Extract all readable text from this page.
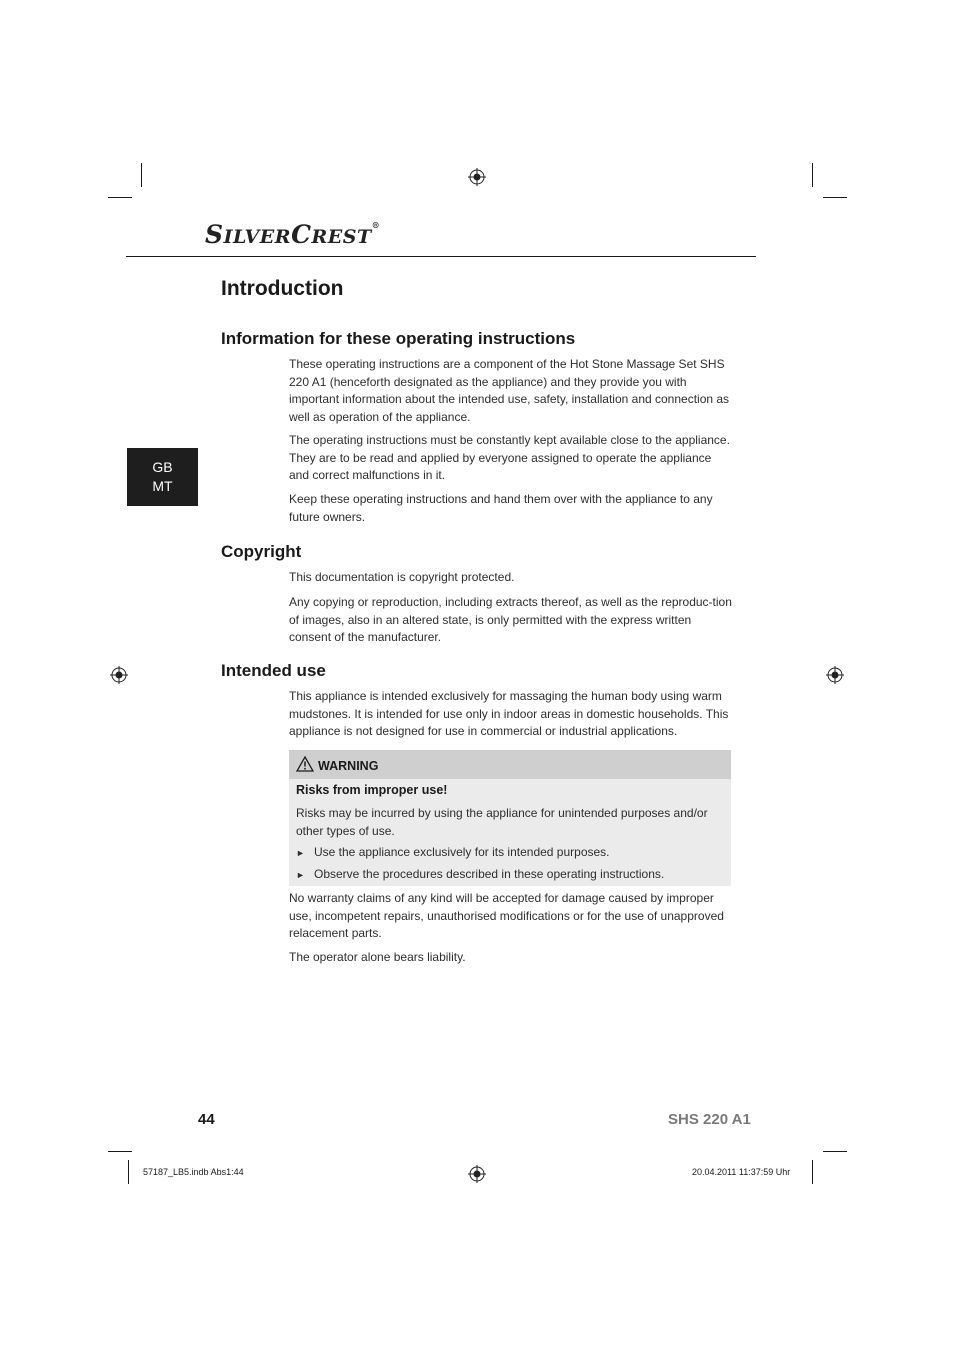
SILVERCREST®
GB
MT
Introduction
Information for these operating instructions

These operating instructions are a component of the Hot Stone Massage Set SHS 220 A1 (henceforth designated as the appliance) and they provide you with important information about the intended use, safety, installation and connection as well as operation of the appliance.

The operating instructions must be constantly kept available close to the appliance. They are to be read and applied by everyone assigned to operate the appliance and correct malfunctions in it.

Keep these operating instructions and hand them over with the appliance to any future owners.

Copyright

This documentation is copyright protected.

Any copying or reproduction, including extracts thereof, as well as the reproduc-tion of images, also in an altered state, is only permitted with the express written consent of the manufacturer.

Intended use

This appliance is intended exclusively for massaging the human body using warm mudstones. It is intended for use only in indoor areas in domestic households. This appliance is not designed for use in commercial or industrial applications.

WARNING
Risks from improper use!

Risks may be incurred by using the appliance for unintended purposes and/or other types of use.

► Use the appliance exclusively for its intended purposes.
► Observe the procedures described in these operating instructions.

No warranty claims of any kind will be accepted for damage caused by improper use, incompetent repairs, unauthorised modifications or for the use of unapproved relacement parts.

The operator alone bears liability.

44	SHS 220 A1
57187_LB5.indb Abs1:44	20.04.2011 11:37:59 Uhr
